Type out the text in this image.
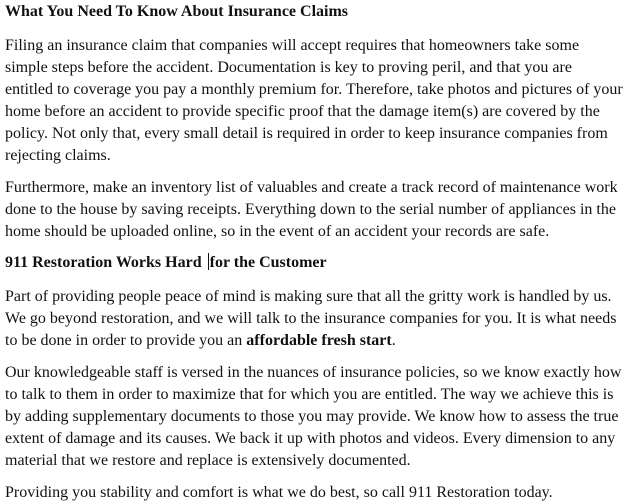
What You Need To Know About Insurance Claims

Filing an insurance claim that companies will accept requires that homeowners take some simple steps before the accident. Documentation is key to proving peril, and that you are entitled to coverage you pay a monthly premium for. Therefore, take photos and pictures of your home before an accident to provide specific proof that the damage item(s) are covered by the policy. Not only that, every small detail is required in order to keep insurance companies from rejecting claims.

Furthermore, make an inventory list of valuables and create a track record of maintenance work done to the house by saving receipts. Everything down to the serial number of appliances in the home should be uploaded online, so in the event of an accident your records are safe.

911 Restoration Works Hard for the Customer

Part of providing people peace of mind is making sure that all the gritty work is handled by us. We go beyond restoration, and we will talk to the insurance companies for you. It is what needs to be done in order to provide you an affordable fresh start.

Our knowledgeable staff is versed in the nuances of insurance policies, so we know exactly how to talk to them in order to maximize that for which you are entitled. The way we achieve this is by adding supplementary documents to those you may provide. We know how to assess the true extent of damage and its causes. We back it up with photos and videos. Every dimension to any material that we restore and replace is extensively documented.

Providing you stability and comfort is what we do best, so call 911 Restoration today.
